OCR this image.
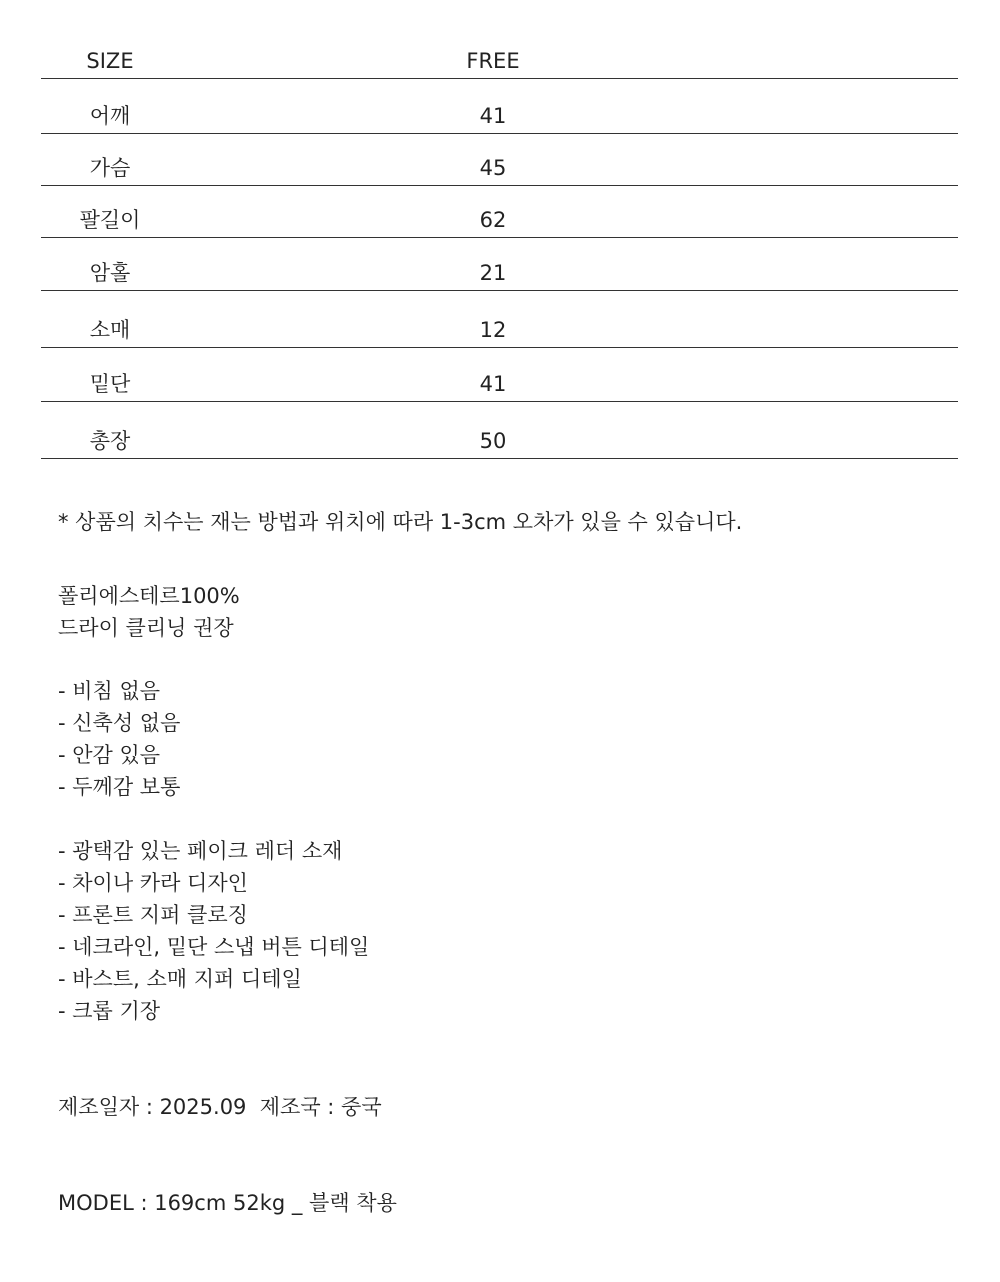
SIZE	FREE
어깨	41
가슴	45
팔길이	62
암홀	21
소매	12
밑단	41
총장	50
* 상품의 치수는 재는 방법과 위치에 따라 1-3cm 오차가 있을 수 있습니다.
폴리에스테르100%
드라이 클리닝 권장
- 비침 없음
- 신축성 없음
- 안감 있음
- 두께감 보통
- 광택감 있는 페이크 레더 소재
- 차이나 카라 디자인
- 프론트 지퍼 클로징
- 네크라인, 밑단 스냅 버튼 디테일
- 바스트, 소매 지퍼 디테일
- 크롭 기장
제조일자 : 2025.09  제조국 : 중국
MODEL : 169cm 52kg _ 블랙 착용
